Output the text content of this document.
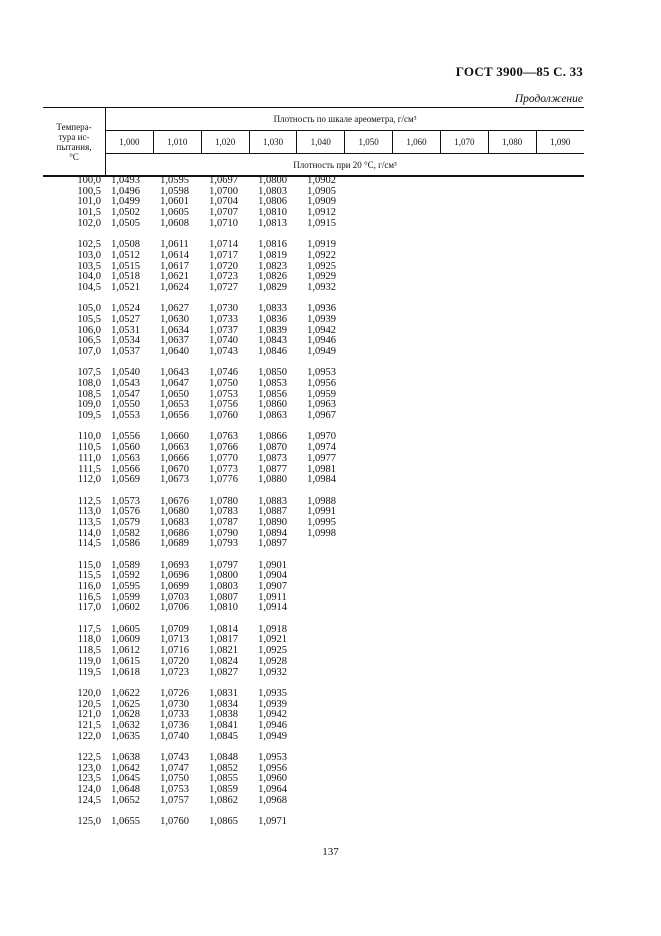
ГОСТ 3900—85 С. 33
Продолжение
Темпера-
тура ис-
пытания,
°С	Плотность по шкале ареометра, г/см³									
	1,000	1,010	1,020	1,030	1,040	1,050	1,060	1,070	1,080	1,090
	Плотность при 20 °С, г/см³									
100,0 1,0493	1,0595	1,0697	1,0800	1,0902
100,5 1,0496	1,0598	1,0700	1,0803	1,0905
101,0 1,0499	1,0601	1,0704	1,0806	1,0909
101,5 1,0502	1,0605	1,0707	1,0810	1,0912
102,0 1,0505	1,0608	1,0710	1,0813	1,0915
102,5 1,0508	1,0611	1,0714	1,0816	1,0919
103,0 1,0512	1,0614	1,0717	1,0819	1,0922
103,5 1,0515	1,0617	1,0720	1,0823	1,0925
104,0 1,0518	1,0621	1,0723	1,0826	1,0929
104,5 1,0521	1,0624	1,0727	1,0829	1,0932
105,0 1,0524	1,0627	1,0730	1,0833	1,0936
105,5 1,0527	1,0630	1,0733	1,0836	1,0939
106,0 1,0531	1,0634	1,0737	1,0839	1,0942
106,5 1,0534	1,0637	1,0740	1,0843	1,0946
107,0 1,0537	1,0640	1,0743	1,0846	1,0949
107,5 1,0540	1,0643	1,0746	1,0850	1,0953
108,0 1,0543	1,0647	1,0750	1,0853	1,0956
108,5 1,0547	1,0650	1,0753	1,0856	1,0959
109,0 1,0550	1,0653	1,0756	1,0860	1,0963
109,5 1,0553	1,0656	1,0760	1,0863	1,0967
110,0 1,0556	1,0660	1,0763	1,0866	1,0970
110,5 1,0560	1,0663	1,0766	1,0870	1,0974
111,0 1,0563	1,0666	1,0770	1,0873	1,0977
111,5 1,0566	1,0670	1,0773	1,0877	1,0981
112,0 1,0569	1,0673	1,0776	1,0880	1,0984
112,5 1,0573	1,0676	1,0780	1,0883	1,0988
113,0 1,0576	1,0680	1,0783	1,0887	1,0991
113,5 1,0579	1,0683	1,0787	1,0890	1,0995
114,0 1,0582	1,0686	1,0790	1,0894	1,0998
114,5 1,0586	1,0689	1,0793	1,0897
115,0 1,0589	1,0693	1,0797	1,0901
115,5 1,0592	1,0696	1,0800	1,0904
116,0 1,0595	1,0699	1,0803	1,0907
116,5 1,0599	1,0703	1,0807	1,0911
117,0 1,0602	1,0706	1,0810	1,0914
117,5 1,0605	1,0709	1,0814	1,0918
118,0 1,0609	1,0713	1,0817	1,0921
118,5 1,0612	1,0716	1,0821	1,0925
119,0 1,0615	1,0720	1,0824	1,0928
119,5 1,0618	1,0723	1,0827	1,0932
120,0 1,0622	1,0726	1,0831	1,0935
120,5 1,0625	1,0730	1,0834	1,0939
121,0 1,0628	1,0733	1,0838	1,0942
121,5 1,0632	1,0736	1,0841	1,0946
122,0 1,0635	1,0740	1,0845	1,0949
122,5 1,0638	1,0743	1,0848	1,0953
123,0 1,0642	1,0747	1,0852	1,0956
123,5 1,0645	1,0750	1,0855	1,0960
124,0 1,0648	1,0753	1,0859	1,0964
124,5 1,0652	1,0757	1,0862	1,0968
125,0 1,0655	1,0760	1,0865	1,0971
137
